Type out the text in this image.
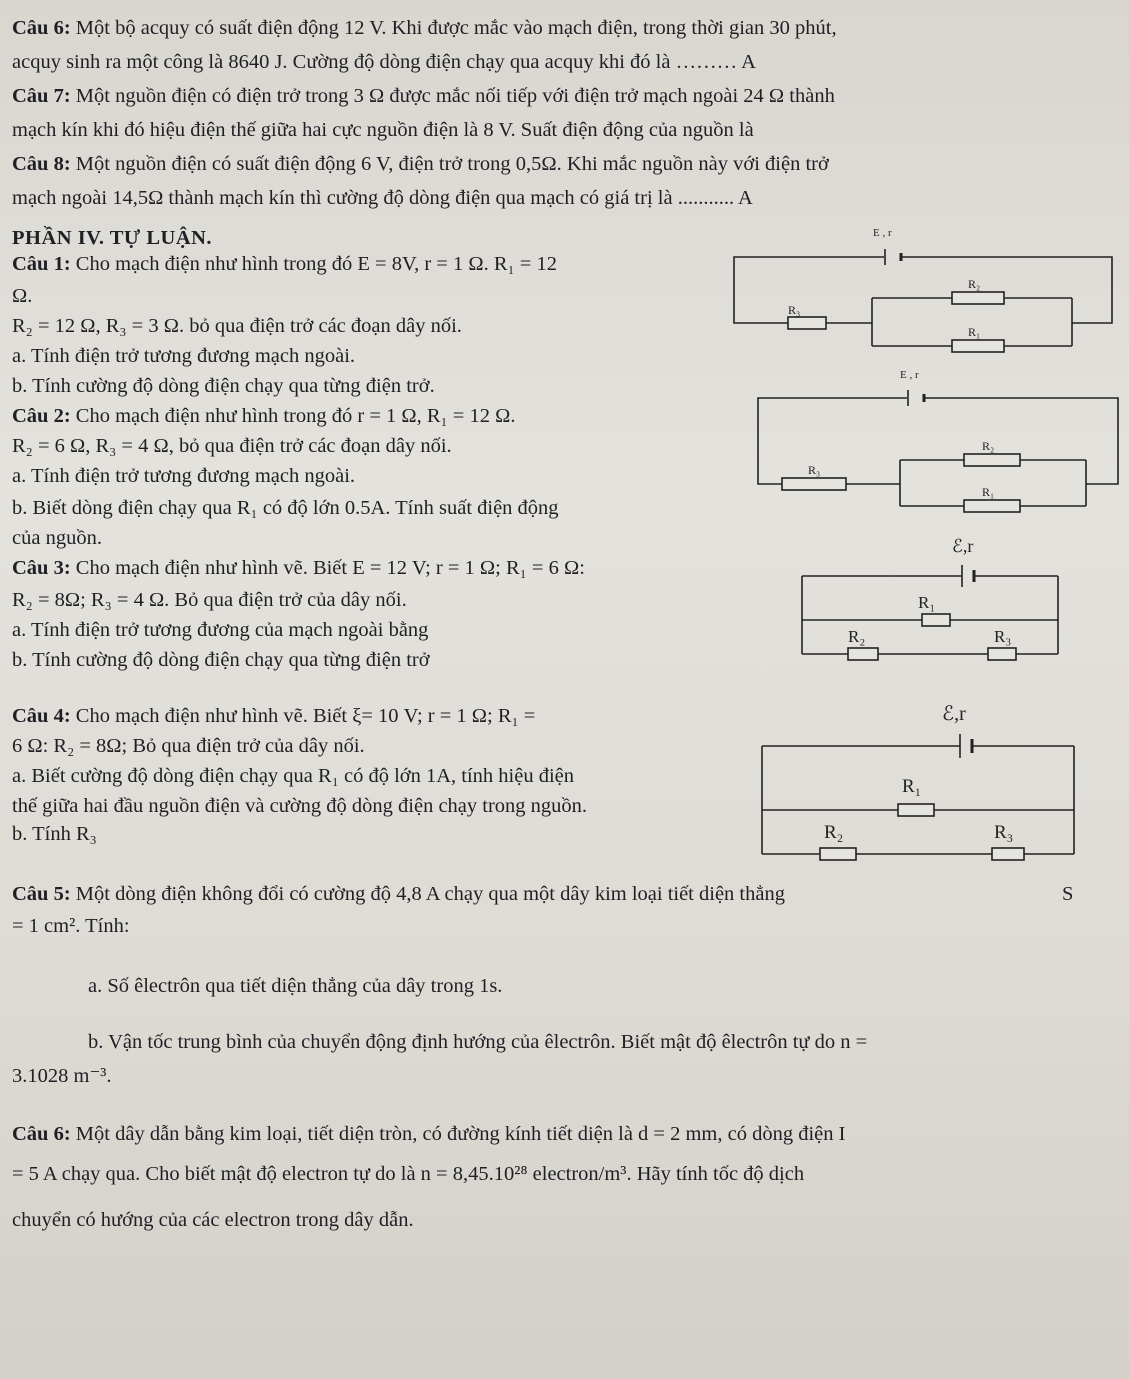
Câu 6: Một bộ acquy có suất điện động 12 V. Khi được mắc vào mạch điện, trong thời gian 30 phút,
acquy sinh ra một công là 8640 J. Cường độ dòng điện chạy qua acquy khi đó là ……… A
Câu 7: Một nguồn điện có điện trở trong 3 Ω được mắc nối tiếp với điện trở mạch ngoài 24 Ω thành
mạch kín khi đó hiệu điện thế giữa hai cực nguồn điện là 8 V. Suất điện động của nguồn là
Câu 8: Một nguồn điện có suất điện động 6 V, điện trở trong 0,5Ω. Khi mắc nguồn này với điện trở
mạch ngoài 14,5Ω thành mạch kín thì cường độ dòng điện qua mạch có giá trị là ........... A
PHẦN IV. TỰ LUẬN.
Câu 1: Cho mạch điện như hình trong đó E = 8V, r = 1 Ω. R₁ = 12
Ω.
R₂ = 12 Ω, R₃ = 3 Ω. bỏ qua điện trở các đoạn dây nối.
a. Tính điện trở tương đương mạch ngoài.
b. Tính cường độ dòng điện chạy qua từng điện trở.
Câu 2: Cho mạch điện như hình trong đó r = 1 Ω, R₁ = 12 Ω.
R₂ = 6 Ω, R₃ = 4 Ω, bỏ qua điện trở các đoạn dây nối.
a. Tính điện trở tương đương mạch ngoài.
b. Biết dòng điện chạy qua R₁ có độ lớn 0.5A. Tính suất điện động
của nguồn.
Câu 3: Cho mạch điện như hình vẽ. Biết E = 12 V; r = 1 Ω; R₁ = 6 Ω:
R₂ = 8Ω; R₃ = 4 Ω. Bỏ qua điện trở của dây nối.
a. Tính điện trở tương đương của mạch ngoài bằng
b. Tính cường độ dòng điện chạy qua từng điện trở
Câu 4: Cho mạch điện như hình vẽ. Biết ξ= 10 V; r = 1 Ω; R₁ =
6 Ω: R₂ = 8Ω; Bỏ qua điện trở của dây nối.
a. Biết cường độ dòng điện chạy qua R₁ có độ lớn 1A, tính hiệu điện
thế giữa hai đầu nguồn điện và cường độ dòng điện chạy trong nguồn.
b. Tính R₃
Câu 5: Một dòng điện không đổi có cường độ 4,8 A chạy qua một dây kim loại tiết diện thẳng	S
= 1 cm². Tính:
a. Số êlectrôn qua tiết diện thẳng của dây trong 1s.
b. Vận tốc trung bình của chuyển động định hướng của êlectrôn. Biết mật độ êlectrôn tự do n =
3.1028 m⁻³.
Câu 6: Một dây dẫn bằng kim loại, tiết diện tròn, có đường kính tiết diện là d = 2 mm, có dòng điện I
= 5 A chạy qua. Cho biết mật độ electron tự do là n = 8,45.10²⁸ electron/m³. Hãy tính tốc độ dịch
chuyển có hướng của các electron trong dây dẫn.
E , r
R₃
R₂
R₁
E , r
R₃
R₂
R₁
ℰ,r
R₁
R₂	R₃
ℰ,r
R₁
R₂	R₃
